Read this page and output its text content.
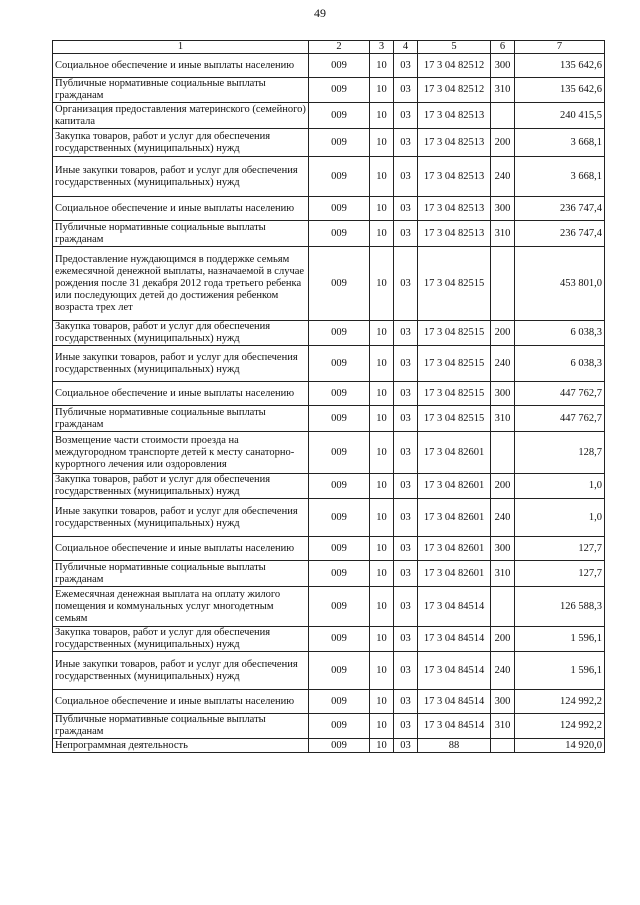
49
1	2	3	4	5	6	7
Социальное обеспечение и иные выплаты населению	009	10	03	17 3 04 82512	300	135 642,6
Публичные нормативные социальные выплаты гражданам	009	10	03	17 3 04 82512	310	135 642,6
Организация предоставления материнского (семейного) капитала	009	10	03	17 3 04 82513		240 415,5
Закупка товаров, работ и услуг для обеспечения государственных (муниципальных) нужд	009	10	03	17 3 04 82513	200	3 668,1
Иные закупки товаров, работ и услуг для обеспечения государственных (муниципальных) нужд	009	10	03	17 3 04 82513	240	3 668,1
Социальное обеспечение и иные выплаты населению	009	10	03	17 3 04 82513	300	236 747,4
Публичные нормативные социальные выплаты гражданам	009	10	03	17 3 04 82513	310	236 747,4
Предоставление нуждающимся в поддержке семьям ежемесячной денежной выплаты, назначаемой в случае рождения после 31 декабря 2012 года третьего ребенка или последующих детей до достижения ребенком возраста трех лет	009	10	03	17 3 04 82515		453 801,0
Закупка товаров, работ и услуг для обеспечения государственных (муниципальных) нужд	009	10	03	17 3 04 82515	200	6 038,3
Иные закупки товаров, работ и услуг для обеспечения государственных (муниципальных) нужд	009	10	03	17 3 04 82515	240	6 038,3
Социальное обеспечение и иные выплаты населению	009	10	03	17 3 04 82515	300	447 762,7
Публичные нормативные социальные выплаты гражданам	009	10	03	17 3 04 82515	310	447 762,7
Возмещение части стоимости проезда на междугородном транспорте детей к месту санаторно-курортного лечения или оздоровления	009	10	03	17 3 04 82601		128,7
Закупка товаров, работ и услуг для обеспечения государственных (муниципальных) нужд	009	10	03	17 3 04 82601	200	1,0
Иные закупки товаров, работ и услуг для обеспечения государственных (муниципальных) нужд	009	10	03	17 3 04 82601	240	1,0
Социальное обеспечение и иные выплаты населению	009	10	03	17 3 04 82601	300	127,7
Публичные нормативные социальные выплаты гражданам	009	10	03	17 3 04 82601	310	127,7
Ежемесячная денежная выплата на оплату жилого помещения и коммунальных услуг многодетным семьям	009	10	03	17 3 04 84514		126 588,3
Закупка товаров, работ и услуг для обеспечения государственных (муниципальных) нужд	009	10	03	17 3 04 84514	200	1 596,1
Иные закупки товаров, работ и услуг для обеспечения государственных (муниципальных) нужд	009	10	03	17 3 04 84514	240	1 596,1
Социальное обеспечение и иные выплаты населению	009	10	03	17 3 04 84514	300	124 992,2
Публичные нормативные социальные выплаты гражданам	009	10	03	17 3 04 84514	310	124 992,2
Непрограммная деятельность	009	10	03	88		14 920,0
